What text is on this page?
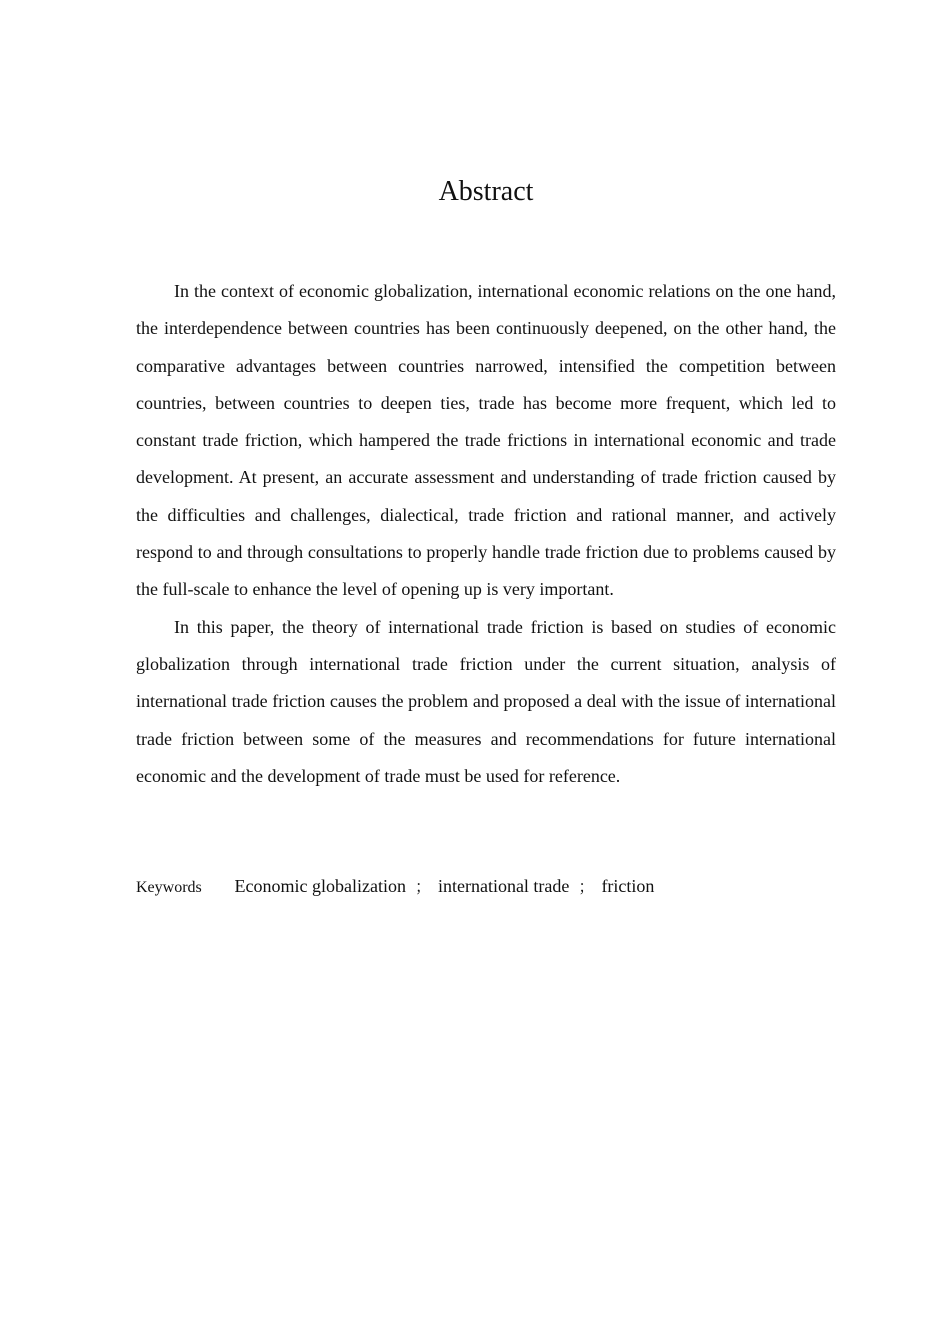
Abstract

In the context of economic globalization, international economic relations on the one hand, the interdependence between countries has been continuously deepened, on the other hand, the comparative advantages between countries narrowed, intensified the competition between countries, between countries to deepen ties, trade has become more frequent, which led to constant trade friction, which hampered the trade frictions in international economic and trade development. At present, an accurate assessment and understanding of trade friction caused by the difficulties and challenges, dialectical, trade friction and rational manner, and actively respond to and through consultations to properly handle trade friction due to problems caused by the full-scale to enhance the level of opening up is very important.

In this paper, the theory of international trade friction is based on studies of economic globalization through international trade friction under the current situation, analysis of international trade friction causes the problem and proposed a deal with the issue of international trade friction between some of the measures and recommendations for future international economic and the development of trade must be used for reference.

Keywords Economic globalization ； international trade ； friction
